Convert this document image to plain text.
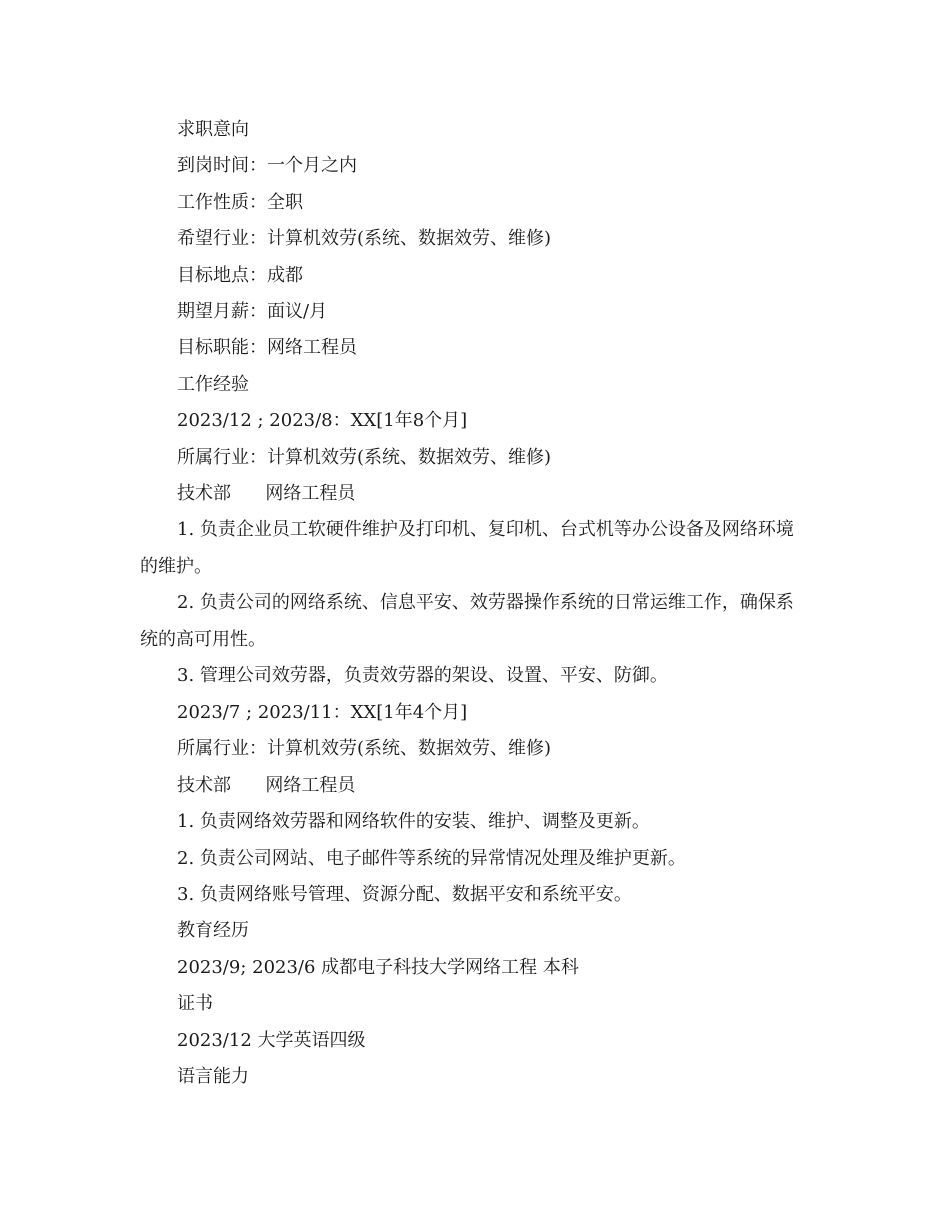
求职意向

到岗时间：一个月之内

工作性质：全职

希望行业：计算机效劳(系统、数据效劳、维修)

目标地点：成都

期望月薪：面议/月

目标职能：网络工程员

工作经验

2023/12 ; 2023/8：XX[1年8个月]

所属行业：计算机效劳(系统、数据效劳、维修)

技术部      网络工程员

1. 负责企业员工软硬件维护及打印机、复印机、台式机等办公设备及网络环境的维护。

2. 负责公司的网络系统、信息平安、效劳器操作系统的日常运维工作，确保系统的高可用性。

3. 管理公司效劳器，负责效劳器的架设、设置、平安、防御。

2023/7 ; 2023/11：XX[1年4个月]

所属行业：计算机效劳(系统、数据效劳、维修)

技术部      网络工程员

1. 负责网络效劳器和网络软件的安装、维护、调整及更新。

2. 负责公司网站、电子邮件等系统的异常情况处理及维护更新。

3. 负责网络账号管理、资源分配、数据平安和系统平安。

教育经历

2023/9; 2023/6 成都电子科技大学网络工程 本科

证书

2023/12 大学英语四级

语言能力
